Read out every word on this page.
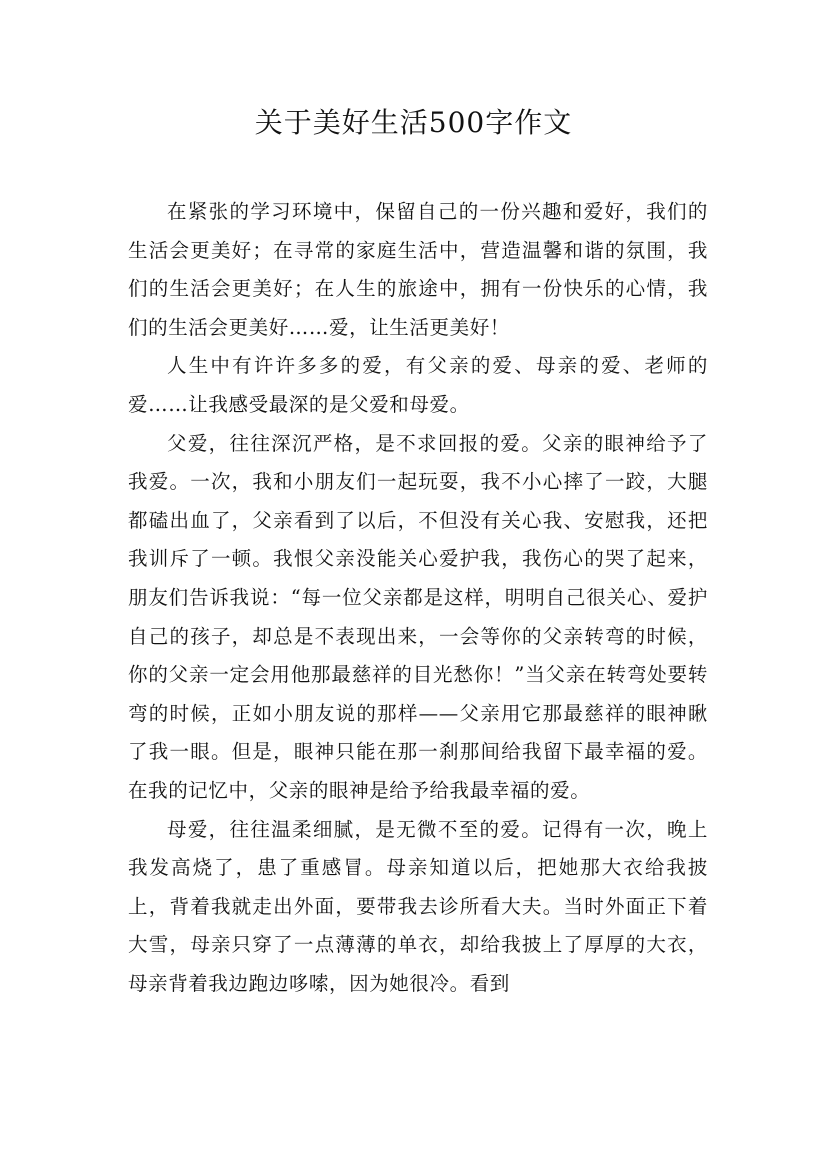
关于美好生活500字作文

在紧张的学习环境中，保留自己的一份兴趣和爱好，我们的生活会更美好；在寻常的家庭生活中，营造温馨和谐的氛围，我们的生活会更美好；在人生的旅途中，拥有一份快乐的心情，我们的生活会更美好……爱，让生活更美好！

人生中有许许多多的爱，有父亲的爱、母亲的爱、老师的爱……让我感受最深的是父爱和母爱。

父爱，往往深沉严格，是不求回报的爱。父亲的眼神给予了我爱。一次，我和小朋友们一起玩耍，我不小心摔了一跤，大腿都磕出血了，父亲看到了以后，不但没有关心我、安慰我，还把我训斥了一顿。我恨父亲没能关心爱护我，我伤心的哭了起来，朋友们告诉我说：“每一位父亲都是这样，明明自己很关心、爱护自己的孩子，却总是不表现出来，一会等你的父亲转弯的时候，你的父亲一定会用他那最慈祥的目光愁你！”当父亲在转弯处要转弯的时候，正如小朋友说的那样——父亲用它那最慈祥的眼神瞅了我一眼。但是，眼神只能在那一刹那间给我留下最幸福的爱。在我的记忆中，父亲的眼神是给予给我最幸福的爱。

母爱，往往温柔细腻，是无微不至的爱。记得有一次，晚上我发高烧了，患了重感冒。母亲知道以后，把她那大衣给我披上，背着我就走出外面，要带我去诊所看大夫。当时外面正下着大雪，母亲只穿了一点薄薄的单衣，却给我披上了厚厚的大衣，母亲背着我边跑边哆嗦，因为她很冷。看到
